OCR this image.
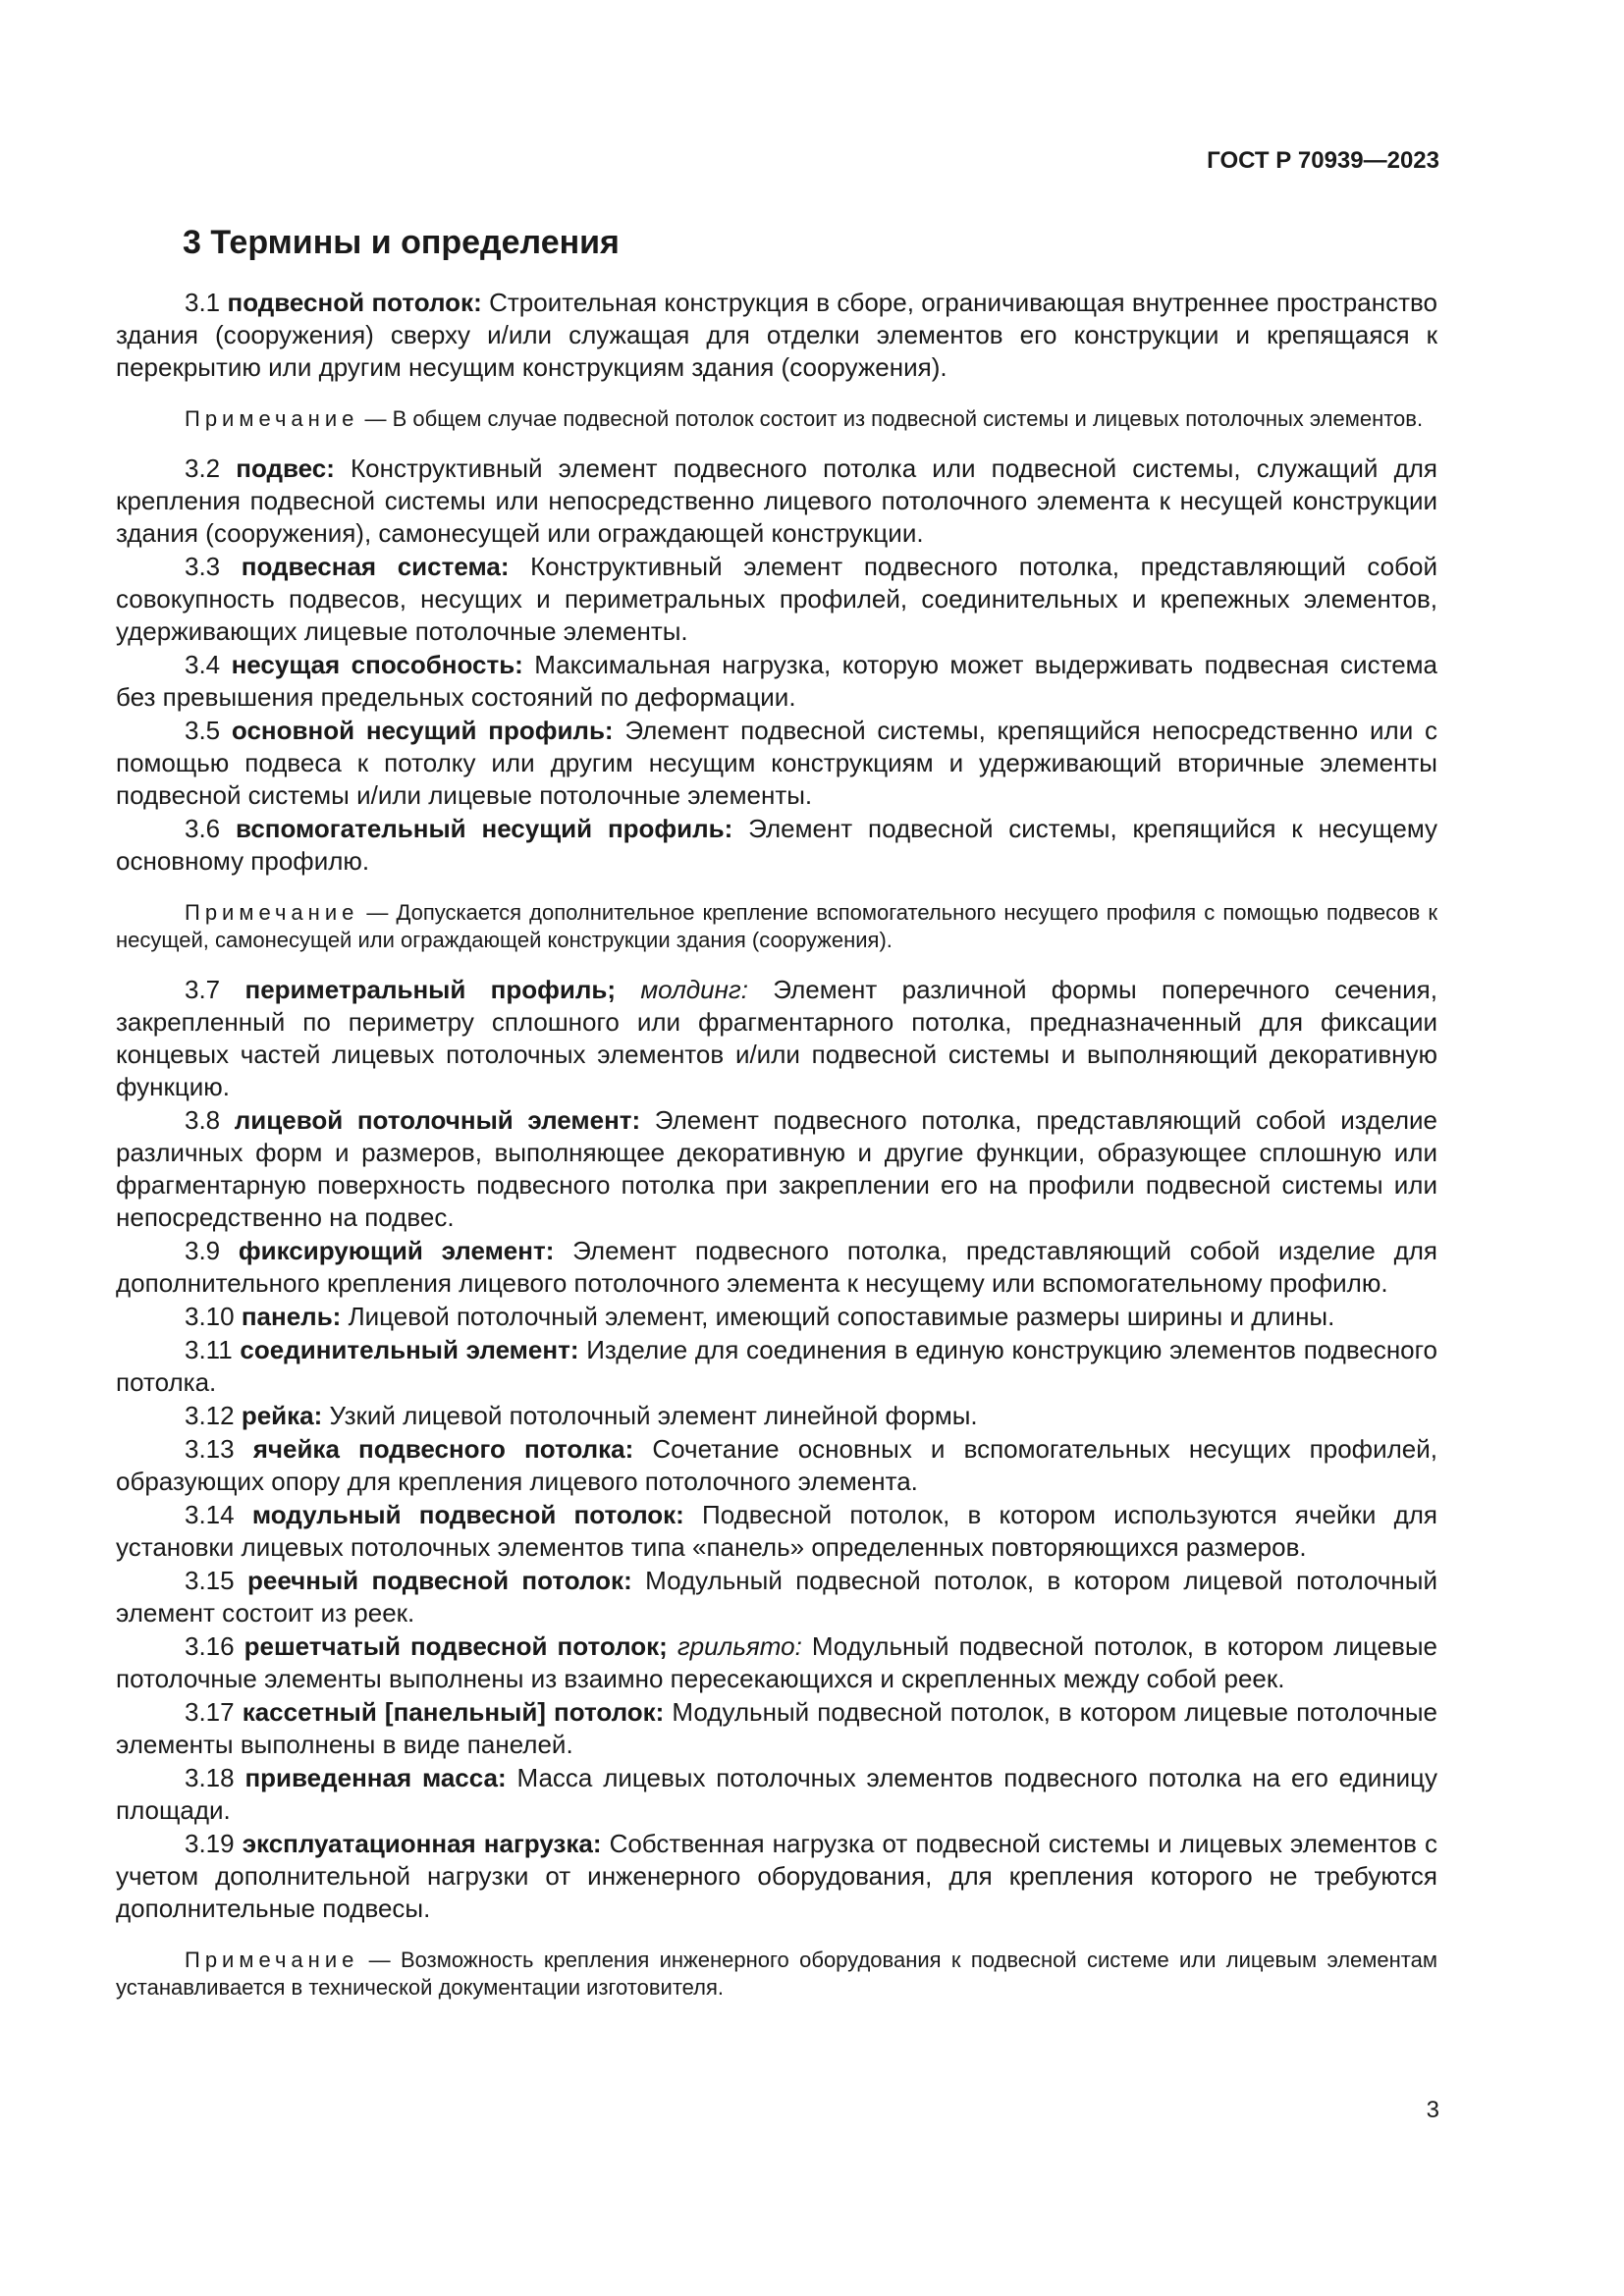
ГОСТ Р 70939—2023
3 Термины и определения

3.1 подвесной потолок: Строительная конструкция в сборе, ограничивающая внутреннее пространство здания (сооружения) сверху и/или служащая для отделки элементов его конструкции и крепящаяся к перекрытию или другим несущим конструкциям здания (сооружения).

Примечание — В общем случае подвесной потолок состоит из подвесной системы и лицевых потолочных элементов.

3.2 подвес: Конструктивный элемент подвесного потолка или подвесной системы, служащий для крепления подвесной системы или непосредственно лицевого потолочного элемента к несущей конструкции здания (сооружения), самонесущей или ограждающей конструкции.

3.3 подвесная система: Конструктивный элемент подвесного потолка, представляющий собой совокупность подвесов, несущих и периметральных профилей, соединительных и крепежных элементов, удерживающих лицевые потолочные элементы.

3.4 несущая способность: Максимальная нагрузка, которую может выдерживать подвесная система без превышения предельных состояний по деформации.

3.5 основной несущий профиль: Элемент подвесной системы, крепящийся непосредственно или с помощью подвеса к потолку или другим несущим конструкциям и удерживающий вторичные элементы подвесной системы и/или лицевые потолочные элементы.

3.6 вспомогательный несущий профиль: Элемент подвесной системы, крепящийся к несущему основному профилю.

Примечание — Допускается дополнительное крепление вспомогательного несущего профиля с помощью подвесов к несущей, самонесущей или ограждающей конструкции здания (сооружения).

3.7 периметральный профиль; молдинг: Элемент различной формы поперечного сечения, закрепленный по периметру сплошного или фрагментарного потолка, предназначенный для фиксации концевых частей лицевых потолочных элементов и/или подвесной системы и выполняющий декоративную функцию.

3.8 лицевой потолочный элемент: Элемент подвесного потолка, представляющий собой изделие различных форм и размеров, выполняющее декоративную и другие функции, образующее сплошную или фрагментарную поверхность подвесного потолка при закреплении его на профили подвесной системы или непосредственно на подвес.

3.9 фиксирующий элемент: Элемент подвесного потолка, представляющий собой изделие для дополнительного крепления лицевого потолочного элемента к несущему или вспомогательному профилю.

3.10 панель: Лицевой потолочный элемент, имеющий сопоставимые размеры ширины и длины.

3.11 соединительный элемент: Изделие для соединения в единую конструкцию элементов подвесного потолка.

3.12 рейка: Узкий лицевой потолочный элемент линейной формы.

3.13 ячейка подвесного потолка: Сочетание основных и вспомогательных несущих профилей, образующих опору для крепления лицевого потолочного элемента.

3.14 модульный подвесной потолок: Подвесной потолок, в котором используются ячейки для установки лицевых потолочных элементов типа «панель» определенных повторяющихся размеров.

3.15 реечный подвесной потолок: Модульный подвесной потолок, в котором лицевой потолочный элемент состоит из реек.

3.16 решетчатый подвесной потолок; грильято: Модульный подвесной потолок, в котором лицевые потолочные элементы выполнены из взаимно пересекающихся и скрепленных между собой реек.

3.17 кассетный [панельный] потолок: Модульный подвесной потолок, в котором лицевые потолочные элементы выполнены в виде панелей.

3.18 приведенная масса: Масса лицевых потолочных элементов подвесного потолка на его единицу площади.

3.19 эксплуатационная нагрузка: Собственная нагрузка от подвесной системы и лицевых элементов с учетом дополнительной нагрузки от инженерного оборудования, для крепления которого не требуются дополнительные подвесы.

Примечание — Возможность крепления инженерного оборудования к подвесной системе или лицевым элементам устанавливается в технической документации изготовителя.

3
